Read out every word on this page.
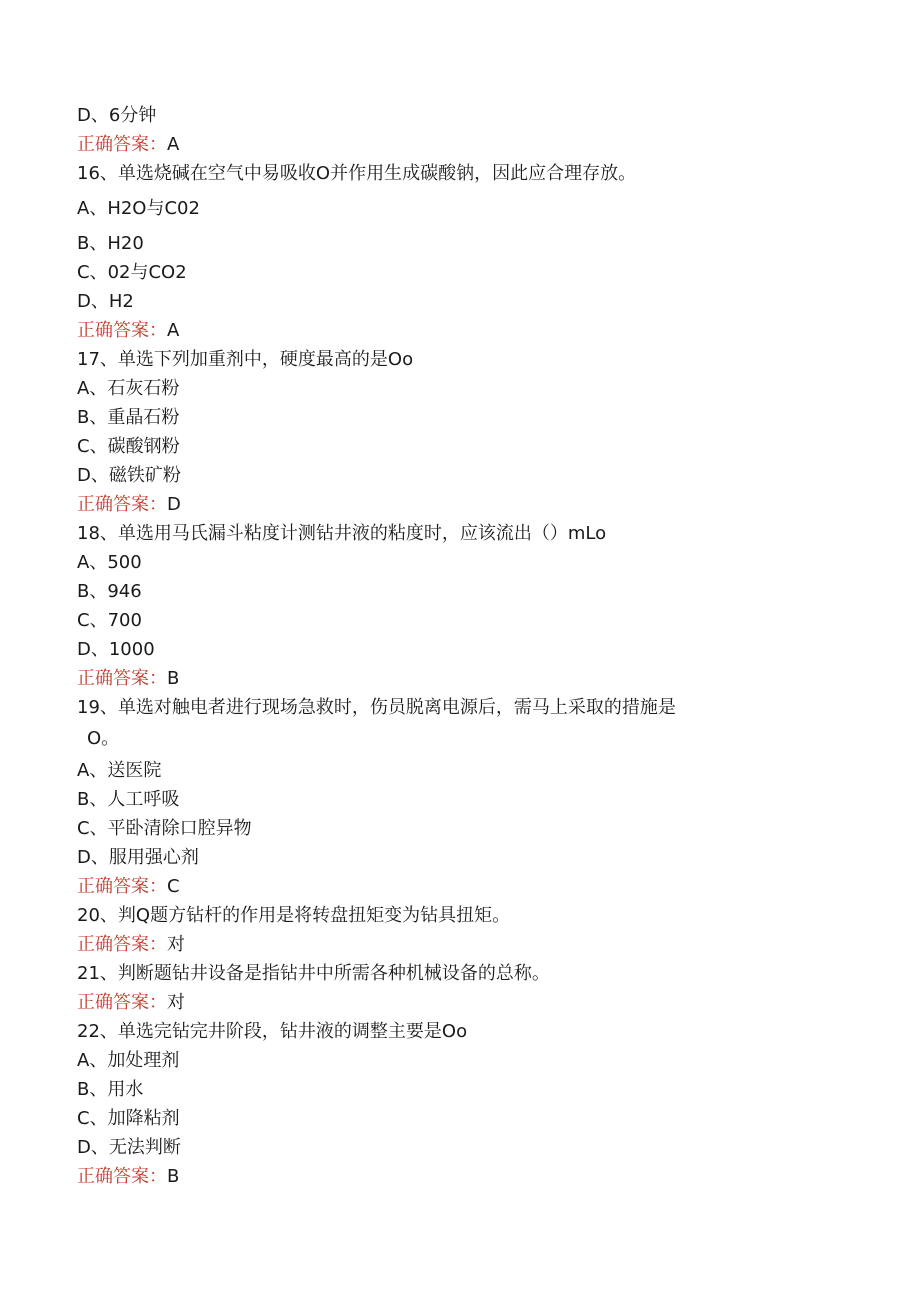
D、6分钟
正确答案：A
16、单选烧碱在空气中易吸收O并作用生成碳酸钠，因此应合理存放。
A、H2O与C02
B、H20
C、02与CO2
D、H2
正确答案：A
17、单选下列加重剂中，硬度最高的是Oo
A、石灰石粉
B、重晶石粉
C、碳酸钢粉
D、磁铁矿粉
正确答案：D
18、单选用马氏漏斗粘度计测钻井液的粘度时，应该流出（）mLo
A、500
B、946
C、700
D、1000
正确答案：B
19、单选对触电者进行现场急救时，伤员脱离电源后，需马上采取的措施是
O。
A、送医院
B、人工呼吸
C、平卧清除口腔异物
D、服用强心剂
正确答案：C
20、判Q题方钻杆的作用是将转盘扭矩变为钻具扭矩。
正确答案：对
21、判断题钻井设备是指钻井中所需各种机械设备的总称。
正确答案：对
22、单选完钻完井阶段，钻井液的调整主要是Oo
A、加处理剂
B、用水
C、加降粘剂
D、无法判断
正确答案：B
